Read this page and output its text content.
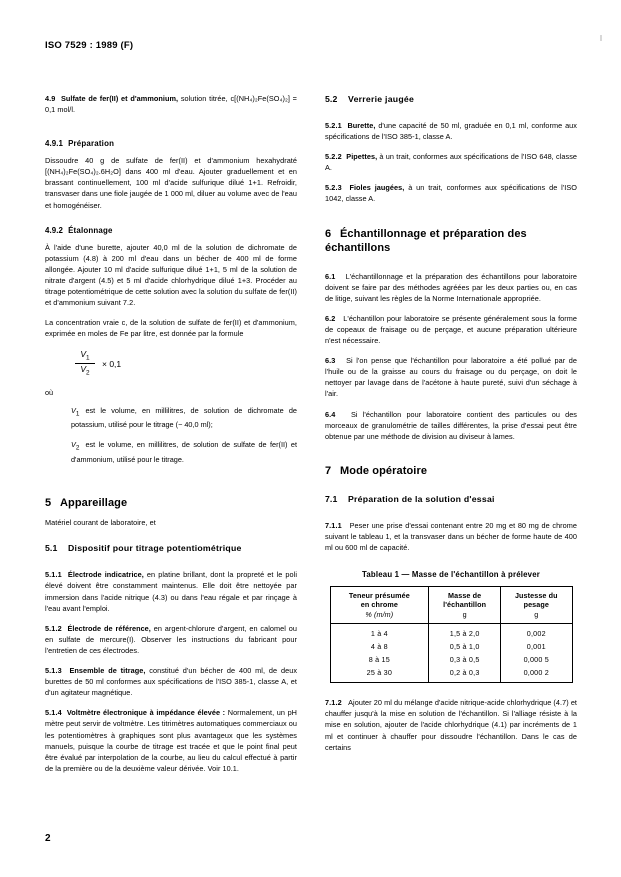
ISO 7529 : 1989 (F)

4.9 Sulfate de fer(II) et d'ammonium, solution titrée, c[(NH₄)₂Fe(SO₄)₂] = 0,1 mol/l.

4.9.1 Préparation

Dissoudre 40 g de sulfate de fer(II) et d'ammonium hexahydraté [(NH₄)₂Fe(SO₄)₂.6H₂O] dans 400 ml d'eau. Ajouter graduellement et en brassant continuellement, 100 ml d'acide sulfurique dilué 1+1. Refroidir, transvaser dans une fiole jaugée de 1 000 ml, diluer au volume avec de l'eau et homogénéiser.

4.9.2 Étalonnage

À l'aide d'une burette, ajouter 40,0 ml de la solution de dichromate de potassium (4.8) à 200 ml d'eau dans un bécher de 400 ml de forme allongée. Ajouter 10 ml d'acide sulfurique dilué 1+1, 5 ml de la solution de nitrate d'argent (4.5) et 5 ml d'acide chlorhydrique dilué 1+3. Procéder au titrage potentiométrique de cette solution avec la solution du sulfate de fer(II) et d'ammonium suivant 7.2.

La concentration vraie c, de la solution de sulfate de fer(II) et d'ammonium, exprimée en moles de Fe par litre, est donnée par la formule

$\frac{V_1}{V_2} \times 0,1$

où

$V_1$ est le volume, en millilitres, de solution de dichromate de potassium, utilisé pour le titrage (− 40,0 ml);

$V_2$ est le volume, en millilitres, de solution de sulfate de fer(II) et d'ammonium, utilisé pour le titrage.

5 Appareillage

Matériel courant de laboratoire, et

5.1 Dispositif pour titrage potentiométrique

5.1.1 Électrode indicatrice, en platine brillant, dont la propreté et le poli élevé doivent être constamment maintenus. Elle doit être nettoyée par immersion dans l'acide nitrique (4.3) ou dans l'eau régale et par rinçage à l'eau avant l'emploi.

5.1.2 Électrode de référence, en argent-chlorure d'argent, en calomel ou en sulfate de mercure(I). Observer les instructions du fabricant pour l'entretien de ces électrodes.

5.1.3 Ensemble de titrage, constitué d'un bécher de 400 ml, de deux burettes de 50 ml conformes aux spécifications de l'ISO 385-1, classe A, et d'un agitateur magnétique.

5.1.4 Voltmètre électronique à impédance élevée : Normalement, un pH mètre peut servir de voltmètre. Les titrimètres automatiques commerciaux ou les potentiomètres à graphiques sont plus avantageux que les systèmes manuels, puisque la courbe de titrage est tracée et que le point final peut être évalué par interpolation de la courbe, au lieu du calcul effectué à partir de la première ou de la deuxième valeur dérivée. Voir 10.1.

5.2 Verrerie jaugée

5.2.1 Burette, d'une capacité de 50 ml, graduée en 0,1 ml, conforme aux spécifications de l'ISO 385-1, classe A.

5.2.2 Pipettes, à un trait, conformes aux spécifications de l'ISO 648, classe A.

5.2.3 Fioles jaugées, à un trait, conformes aux spécifications de l'ISO 1042, classe A.

6 Échantillonnage et préparation des échantillons

6.1 L'échantillonnage et la préparation des échantillons pour laboratoire doivent se faire par des méthodes agréées par les deux parties ou, en cas de litige, suivant les règles de la Norme Internationale appropriée.

6.2 L'échantillon pour laboratoire se présente généralement sous la forme de copeaux de fraisage ou de perçage, et aucune préparation ultérieure n'est nécessaire.

6.3 Si l'on pense que l'échantillon pour laboratoire a été pollué par de l'huile ou de la graisse au cours du fraisage ou du perçage, on doit le nettoyer par lavage dans de l'acétone à haute pureté, suivi d'un séchage à l'air.

6.4 Si l'échantillon pour laboratoire contient des particules ou des morceaux de granulométrie de tailles différentes, la prise d'essai peut être obtenue par une méthode de division au diviseur à lames.

7 Mode opératoire
7.1 Préparation de la solution d'essai

7.1.1 Peser une prise d'essai contenant entre 20 mg et 80 mg de chrome suivant le tableau 1, et la transvaser dans un bécher de forme haute de 400 ml ou 600 ml de capacité.

Tableau 1 — Masse de l'échantillon à prélever
Teneur présumée
en chrome
% (m/m)	Masse de
l'échantillon
g	Justesse du
pesage
g
1 à 4	1,5 à 2,0	0,002
4 à 8	0,5 à 1,0	0,001
8 à 15	0,3 à 0,5	0,000 5
25 à 30	0,2 à 0,3	0,000 2

7.1.2 Ajouter 20 ml du mélange d'acide nitrique-acide chlorhydrique (4.7) et chauffer jusqu'à la mise en solution de l'échantillon. Si l'alliage résiste à la mise en solution, ajouter de l'acide chlorhydrique (4.1) par incréments de 1 ml et continuer à chauffer pour dissoudre l'échantillon. Dans le cas de certains

2
